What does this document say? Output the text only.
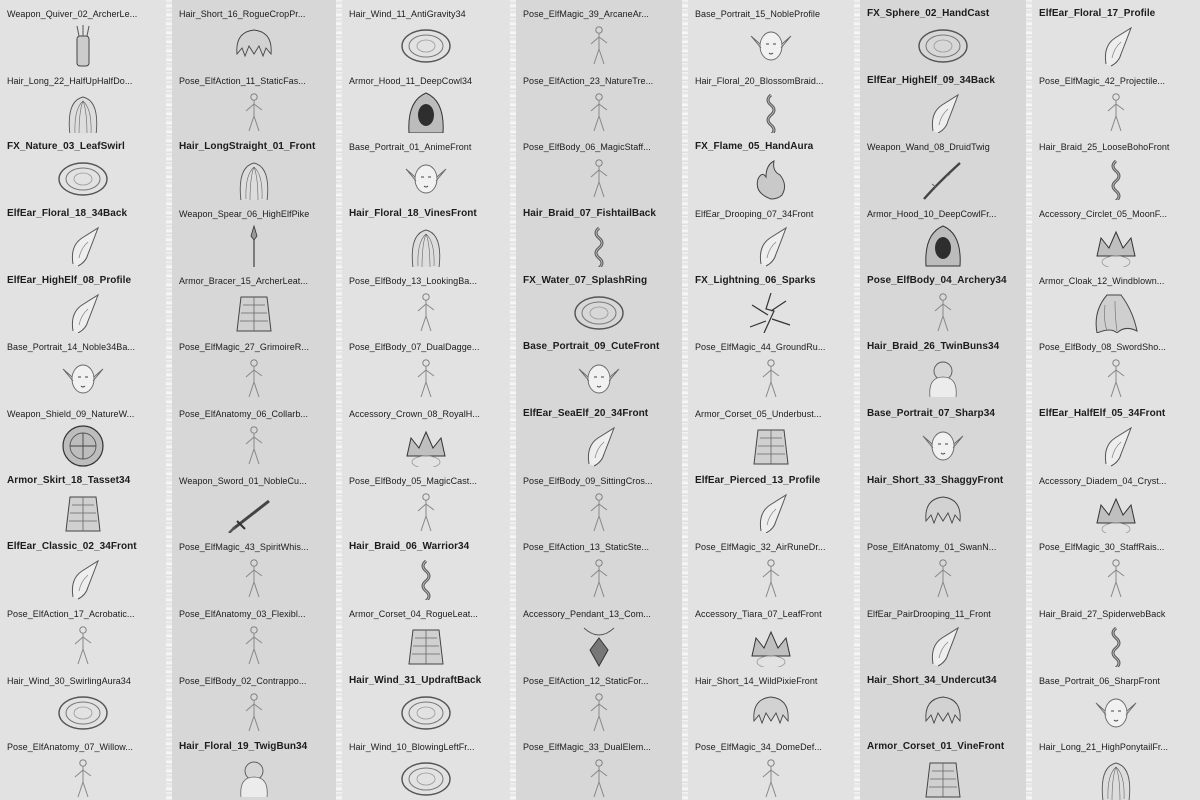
Weapon_Quiver_02_ArcherLe...
Hair_Long_22_HalfUpHalfDo...
FX_Nature_03_LeafSwirl
ElfEar_Floral_18_34Back
ElfEar_HighElf_08_Profile
Base_Portrait_14_Noble34Ba...
Weapon_Shield_09_NatureW...
Armor_Skirt_18_Tasset34
ElfEar_Classic_02_34Front
Pose_ElfAction_17_Acrobatic...
Hair_Wind_30_SwirlingAura34
Pose_ElfAnatomy_07_Willow...
Hair_Short_16_RogueCropPr...
Pose_ElfAction_11_StaticFas...
Hair_LongStraight_01_Front
Weapon_Spear_06_HighElfPike
Armor_Bracer_15_ArcherLeat...
Pose_ElfMagic_27_GrimoireR...
Pose_ElfAnatomy_06_Collarb...
Weapon_Sword_01_NobleCu...
Pose_ElfMagic_43_SpiritWhis...
Pose_ElfAnatomy_03_Flexibl...
Pose_ElfBody_02_Contrappo...
Hair_Floral_19_TwigBun34
Hair_Wind_11_AntiGravity34
Armor_Hood_11_DeepCowl34
Base_Portrait_01_AnimeFront
Hair_Floral_18_VinesFront
Pose_ElfBody_13_LookingBa...
Pose_ElfBody_07_DualDagge...
Accessory_Crown_08_RoyalH...
Pose_ElfBody_05_MagicCast...
Hair_Braid_06_Warrior34
Armor_Corset_04_RogueLeat...
Hair_Wind_31_UpdraftBack
Hair_Wind_10_BlowingLeftFr...
Pose_ElfMagic_39_ArcaneAr...
Pose_ElfAction_23_NatureTre...
Pose_ElfBody_06_MagicStaff...
Hair_Braid_07_FishtailBack
FX_Water_07_SplashRing
Base_Portrait_09_CuteFront
ElfEar_SeaElf_20_34Front
Pose_ElfBody_09_SittingCros...
Pose_ElfAction_13_StaticSte...
Accessory_Pendant_13_Com...
Pose_ElfAction_12_StaticFor...
Pose_ElfMagic_33_DualElem...
Base_Portrait_15_NobleProfile
Hair_Floral_20_BlossomBraid...
FX_Flame_05_HandAura
ElfEar_Drooping_07_34Front
FX_Lightning_06_Sparks
Pose_ElfMagic_44_GroundRu...
Armor_Corset_05_Underbust...
ElfEar_Pierced_13_Profile
Pose_ElfMagic_32_AirRuneDr...
Accessory_Tiara_07_LeafFront
Hair_Short_14_WildPixieFront
Pose_ElfMagic_34_DomeDef...
FX_Sphere_02_HandCast
ElfEar_HighElf_09_34Back
Weapon_Wand_08_DruidTwig
Armor_Hood_10_DeepCowlFr...
Pose_ElfBody_04_Archery34
Hair_Braid_26_TwinBuns34
Base_Portrait_07_Sharp34
Hair_Short_33_ShaggyFront
Pose_ElfAnatomy_01_SwanN...
ElfEar_PairDrooping_11_Front
Hair_Short_34_Undercut34
Armor_Corset_01_VineFront
ElfEar_Floral_17_Profile
Pose_ElfMagic_42_Projectile...
Hair_Braid_25_LooseBohoFront
Accessory_Circlet_05_MoonF...
Armor_Cloak_12_Windblown...
Pose_ElfBody_08_SwordSho...
ElfEar_HalfElf_05_34Front
Accessory_Diadem_04_Cryst...
Pose_ElfMagic_30_StaffRais...
Hair_Braid_27_SpiderwebBack
Base_Portrait_06_SharpFront
Hair_Long_21_HighPonytailFr...
